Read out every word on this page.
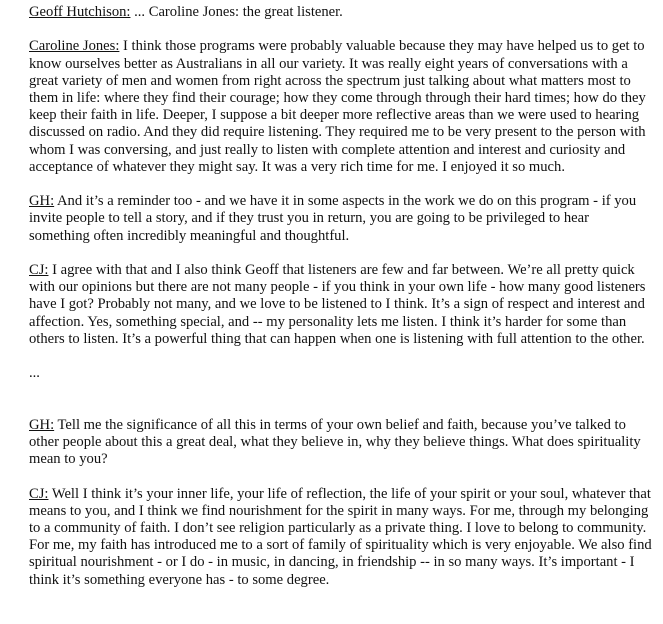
Geoff Hutchison: ... Caroline Jones: the great listener.

Caroline Jones: I think those programs were probably valuable because they may have helped us to get to know ourselves better as Australians in all our variety. It was really eight years of conversations with a great variety of men and women from right across the spectrum just talking about what matters most to them in life: where they find their courage; how they come through through their hard times; how do they keep their faith in life. Deeper, I suppose a bit deeper more reflective areas than we were used to hearing discussed on radio. And they did require listening. They required me to be very present to the person with whom I was conversing, and just really to listen with complete attention and interest and curiosity and acceptance of whatever they might say. It was a very rich time for me. I enjoyed it so much.

GH: And it’s a reminder too - and we have it in some aspects in the work we do on this program - if you invite people to tell a story, and if they trust you in return, you are going to be privileged to hear something often incredibly meaningful and thoughtful.

CJ: I agree with that and I also think Geoff that listeners are few and far between. We’re all pretty quick with our opinions but there are not many people - if you think in your own life - how many good listeners have I got? Probably not many, and we love to be listened to I think. It’s a sign of respect and interest and affection. Yes, something special, and -- my personality lets me listen. I think it’s harder for some than others to listen. It’s a powerful thing that can happen when one is listening with full attention to the other.

...

GH: Tell me the significance of all this in terms of your own belief and faith, because you’ve talked to other people about this a great deal, what they believe in, why they believe things. What does spirituality mean to you?

CJ: Well I think it’s your inner life, your life of reflection, the life of your spirit or your soul, whatever that means to you, and I think we find nourishment for the spirit in many ways. For me, through my belonging to a community of faith. I don’t see religion particularly as a private thing. I love to belong to community. For me, my faith has introduced me to a sort of family of spirituality which is very enjoyable. We also find spiritual nourishment - or I do - in music, in dancing, in friendship -- in so many ways. It’s important - I think it’s something everyone has - to some degree.
